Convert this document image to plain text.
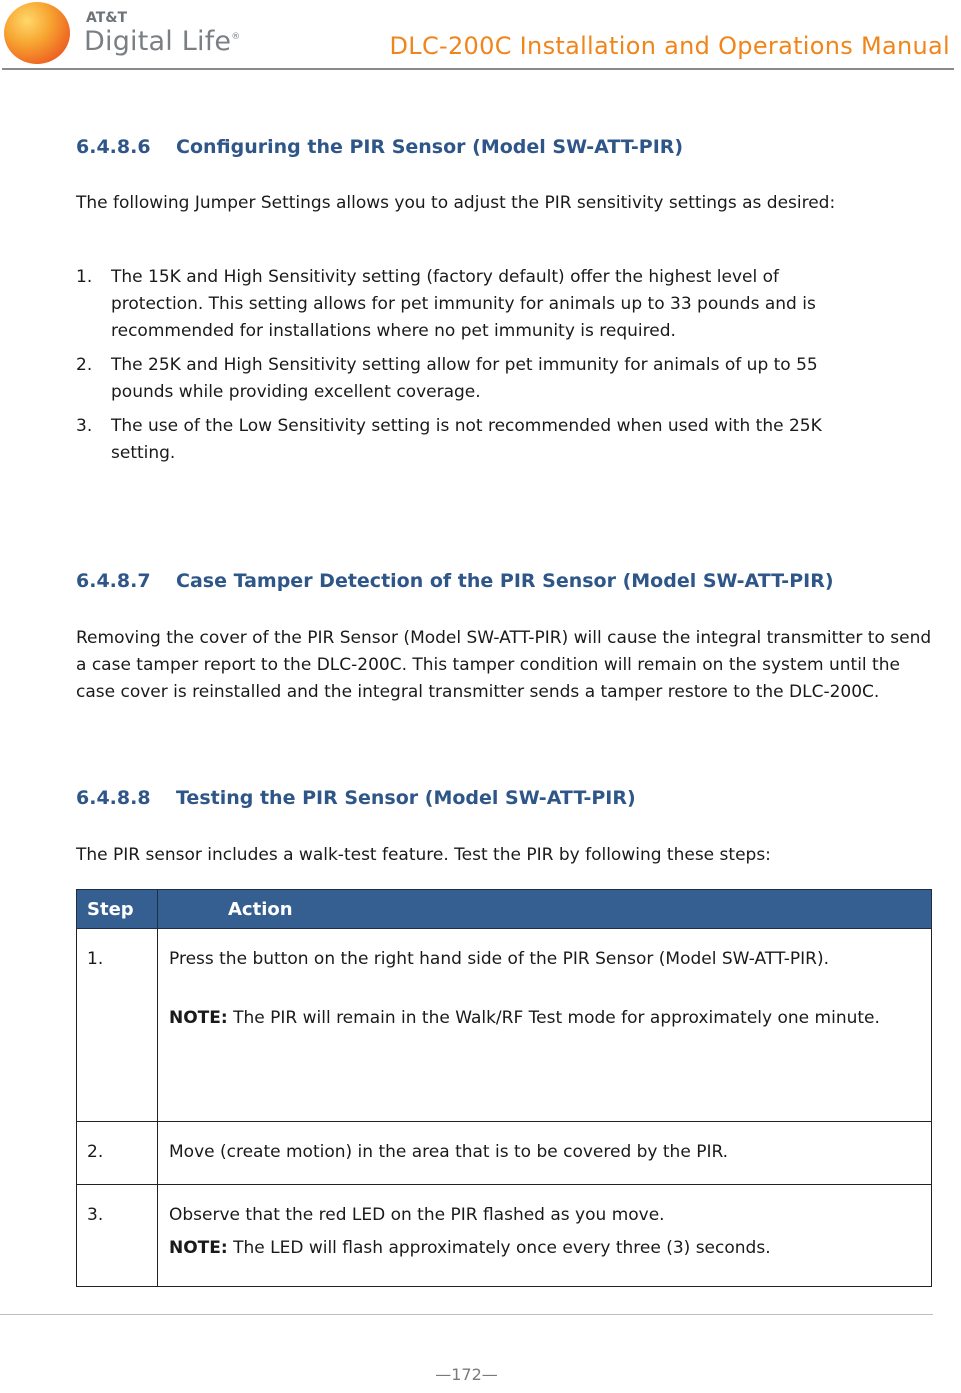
AT&T
Digital Life®	DLC-200C Installation and Operations Manual
6.4.8.6 Configuring the PIR Sensor (Model SW-ATT-PIR)

The following Jumper Settings allows you to adjust the PIR sensitivity settings as desired:

1. The 15K and High Sensitivity setting (factory default) offer the highest level of protection. This setting allows for pet immunity for animals up to 33 pounds and is recommended for installations where no pet immunity is required.
2. The 25K and High Sensitivity setting allow for pet immunity for animals of up to 55 pounds while providing excellent coverage.
3. The use of the Low Sensitivity setting is not recommended when used with the 25K setting.
6.4.8.7 Case Tamper Detection of the PIR Sensor (Model SW-ATT-PIR)

Removing the cover of the PIR Sensor (Model SW-ATT-PIR) will cause the integral transmitter to send a case tamper report to the DLC-200C. This tamper condition will remain on the system until the case cover is reinstalled and the integral transmitter sends a tamper restore to the DLC-200C.

6.4.8.8 Testing the PIR Sensor (Model SW-ATT-PIR)

The PIR sensor includes a walk-test feature. Test the PIR by following these steps:

Step	Action
1.	Press the button on the right hand side of the PIR Sensor (Model SW-ATT-PIR).
NOTE: The PIR will remain in the Walk/RF Test mode for approximately one minute.

2.	Move (create motion) in the area that is to be covered by the PIR.

3.	Observe that the red LED on the PIR flashed as you move.
NOTE: The LED will flash approximately once every three (3) seconds.
—172—
